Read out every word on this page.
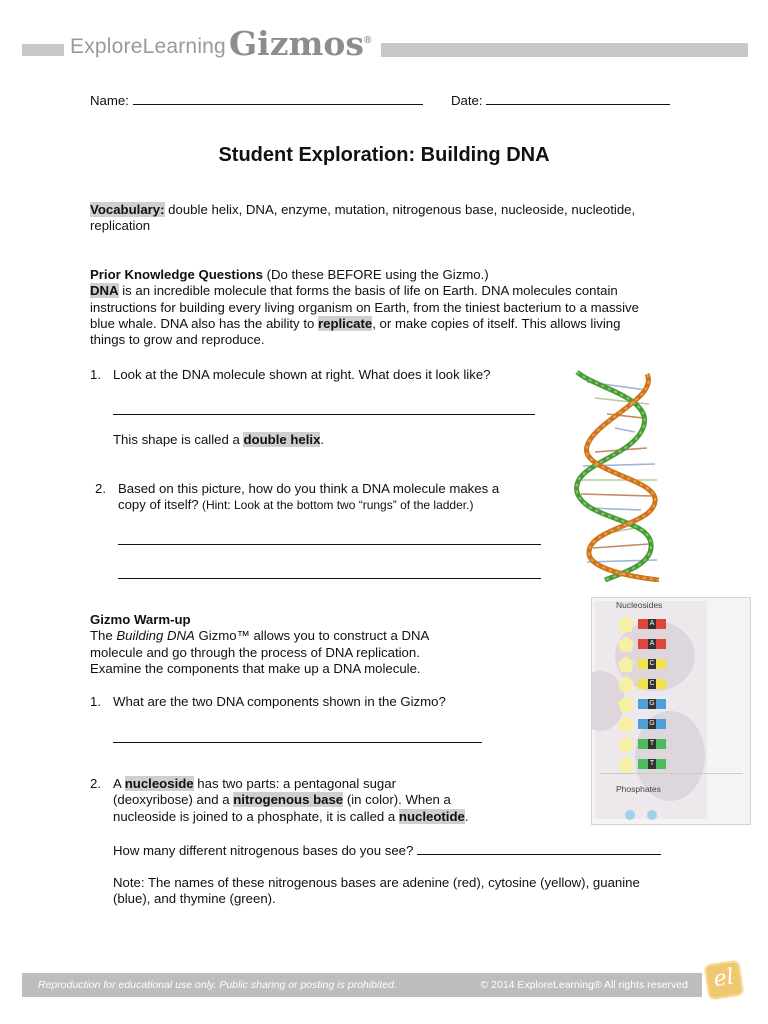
ExploreLearning Gizmos®
Name:	Date:
Student Exploration: Building DNA
Vocabulary: double helix, DNA, enzyme, mutation, nitrogenous base, nucleoside, nucleotide,
replication
Prior Knowledge Questions (Do these BEFORE using the Gizmo.)
DNA is an incredible molecule that forms the basis of life on Earth. DNA molecules contain
instructions for building every living organism on Earth, from the tiniest bacterium to a massive
blue whale. DNA also has the ability to replicate, or make copies of itself. This allows living
things to grow and reproduce.
1. Look at the DNA molecule shown at right. What does it look like?
This shape is called a double helix.
2. Based on this picture, how do you think a DNA molecule makes a
copy of itself? (Hint: Look at the bottom two “rungs” of the ladder.)
Gizmo Warm-up
The Building DNA Gizmo™ allows you to construct a DNA
molecule and go through the process of DNA replication.
Examine the components that make up a DNA molecule.
1. What are the two DNA components shown in the Gizmo?
2. A nucleoside has two parts: a pentagonal sugar
(deoxyribose) and a nitrogenous base (in color). When a
nucleoside is joined to a phosphate, it is called a nucleotide.
How many different nitrogenous bases do you see?
Note: The names of these nitrogenous bases are adenine (red), cytosine (yellow), guanine
(blue), and thymine (green).
Nucleosides
A
A
C
C
G
G
T
T
Phosphates
Reproduction for educational use only. Public sharing or posting is prohibited.	© 2014 ExploreLearning® All rights reserved el
